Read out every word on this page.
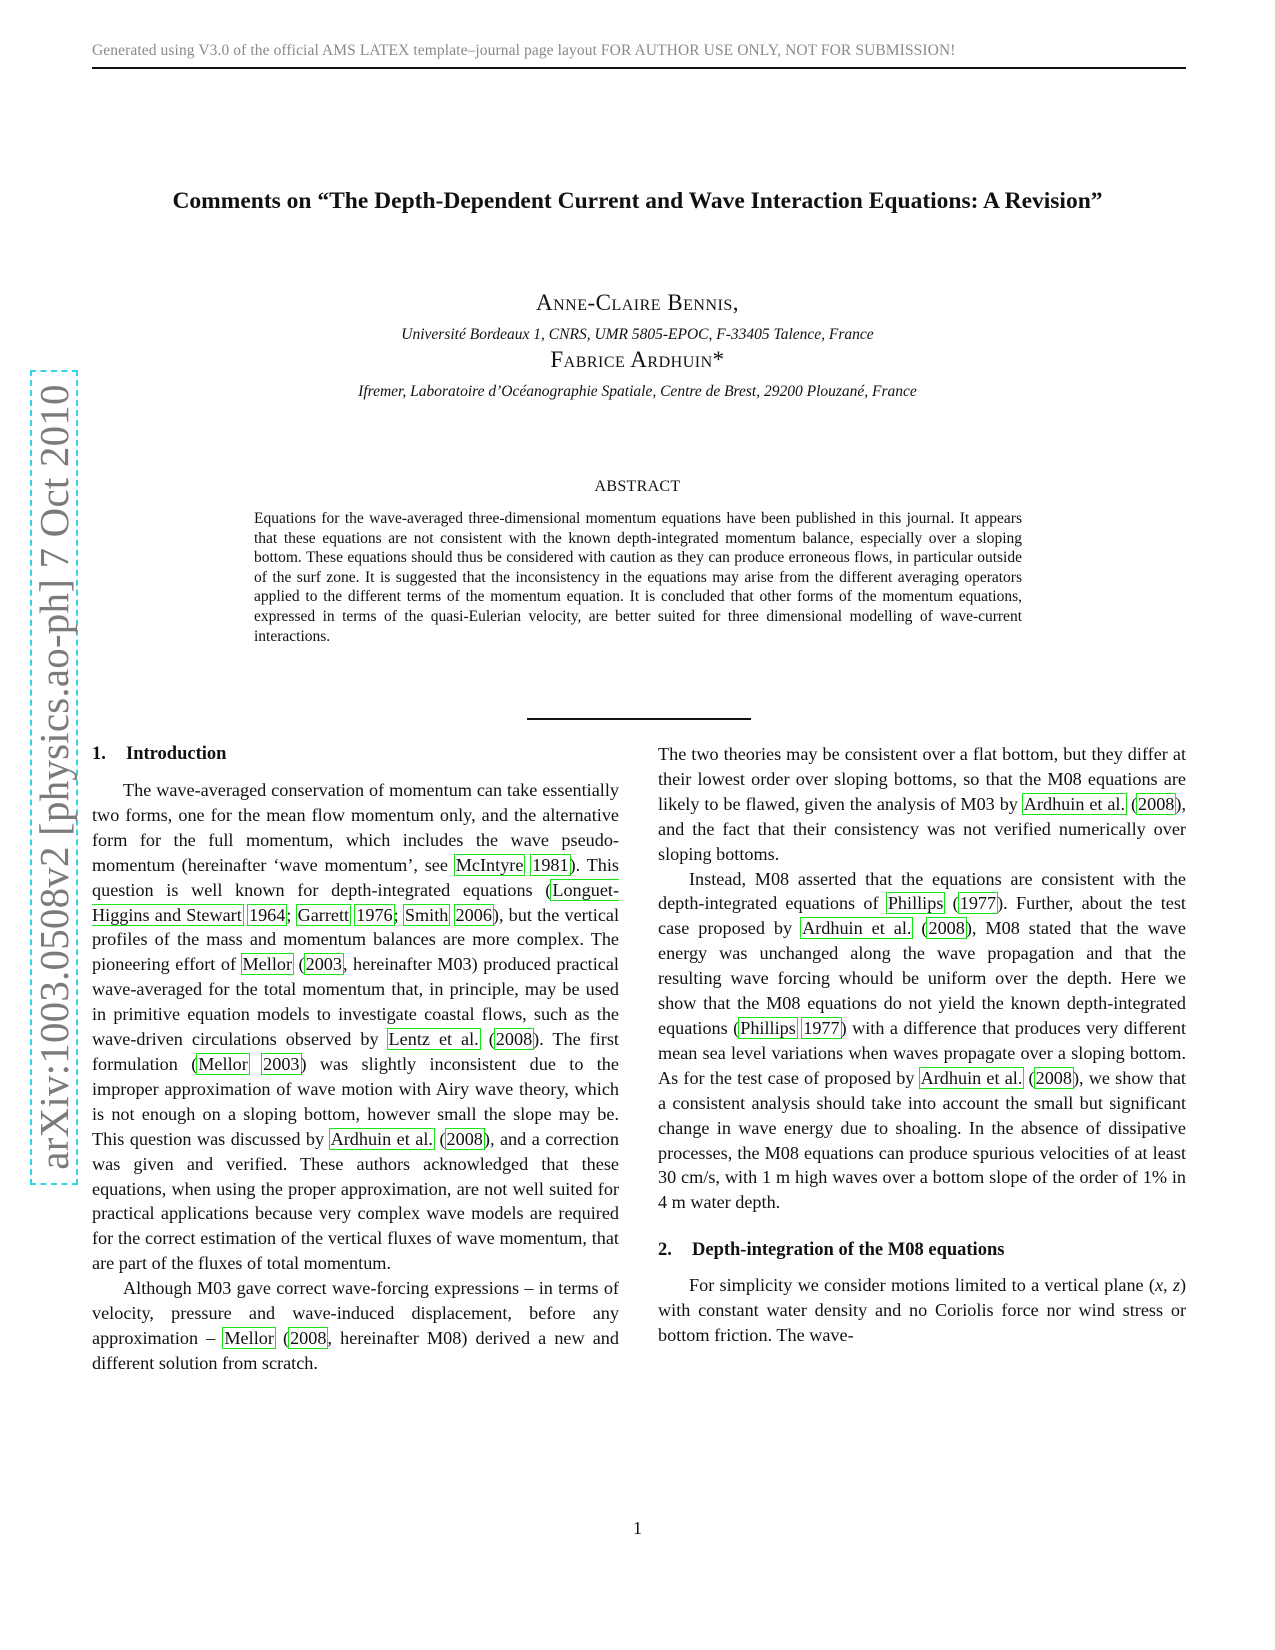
Generated using V3.0 of the official AMS LATEX template–journal page layout FOR AUTHOR USE ONLY, NOT FOR SUBMISSION!
Comments on “The Depth-Dependent Current and Wave Interaction Equations: A Revision”
Anne-Claire Bennis,
Université Bordeaux 1, CNRS, UMR 5805-EPOC, F-33405 Talence, France
Fabrice Ardhuin*
Ifremer, Laboratoire d’Océanographie Spatiale, Centre de Brest, 29200 Plouzané, France
ABSTRACT
Equations for the wave-averaged three-dimensional momentum equations have been published in this journal. It appears that these equations are not consistent with the known depth-integrated momentum balance, especially over a sloping bottom. These equations should thus be considered with caution as they can produce erroneous flows, in particular outside of the surf zone. It is suggested that the inconsistency in the equations may arise from the different averaging operators applied to the different terms of the momentum equation. It is concluded that other forms of the momentum equations, expressed in terms of the quasi-Eulerian velocity, are better suited for three dimensional modelling of wave-current interactions.
arXiv:1003.0508v2 [physics.ao-ph] 7 Oct 2010 1. Introduction

The wave-averaged conservation of momentum can take essentially two forms, one for the mean flow momentum only, and the alternative form for the full momentum, which includes the wave pseudo-momentum (hereinafter ‘wave momentum’, see McIntyre 1981). This question is well known for depth-integrated equations (Longuet-Higgins and Stewart 1964; Garrett 1976; Smith 2006), but the vertical profiles of the mass and momentum balances are more complex. The pioneering effort of Mellor (2003, hereinafter M03) produced practical wave-averaged for the total momentum that, in principle, may be used in primitive equation models to investigate coastal flows, such as the wave-driven circulations observed by Lentz et al. (2008). The first formulation (Mellor 2003) was slightly inconsistent due to the improper approximation of wave motion with Airy wave theory, which is not enough on a sloping bottom, however small the slope may be. This question was discussed by Ardhuin et al. (2008), and a correction was given and verified. These authors acknowledged that these equations, when using the proper approximation, are not well suited for practical applications because very complex wave models are required for the correct estimation of the vertical fluxes of wave momentum, that are part of the fluxes of total momentum.

Although M03 gave correct wave-forcing expressions – in terms of velocity, pressure and wave-induced displacement, before any approximation – Mellor (2008, hereinafter M08) derived a new and different solution from scratch.

The two theories may be consistent over a flat bottom, but they differ at their lowest order over sloping bottoms, so that the M08 equations are likely to be flawed, given the analysis of M03 by Ardhuin et al. (2008), and the fact that their consistency was not verified numerically over sloping bottoms.

Instead, M08 asserted that the equations are consistent with the depth-integrated equations of Phillips (1977). Further, about the test case proposed by Ardhuin et al. (2008), M08 stated that the wave energy was unchanged along the wave propagation and that the resulting wave forcing whould be uniform over the depth. Here we show that the M08 equations do not yield the known depth-integrated equations (Phillips 1977) with a difference that produces very different mean sea level variations when waves propagate over a sloping bottom. As for the test case of proposed by Ardhuin et al. (2008), we show that a consistent analysis should take into account the small but significant change in wave energy due to shoaling. In the absence of dissipative processes, the M08 equations can produce spurious velocities of at least 30 cm/s, with 1 m high waves over a bottom slope of the order of 1% in 4 m water depth.

2. Depth-integration of the M08 equations

For simplicity we consider motions limited to a vertical plane (x, z) with constant water density and no Coriolis force nor wind stress or bottom friction. The wave-

1
